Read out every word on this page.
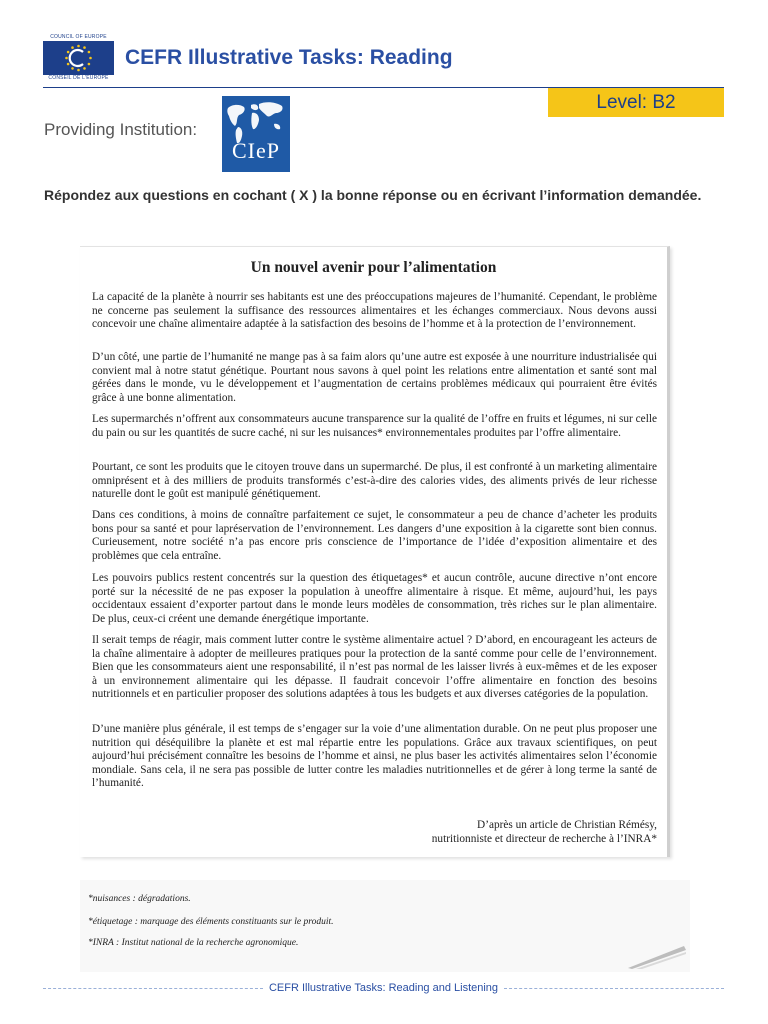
COUNCIL OF EUROPE
CONSEIL DE L'EUROPE
CEFR Illustrative Tasks: Reading
Level: B2
Providing Institution:
CIeP
Répondez aux questions en cochant ( X ) la bonne réponse ou en écrivant l’information demandée.
Un nouvel avenir pour l’alimentation
La capacité de la planète à nourrir ses habitants est une des préoccupations majeures de l’humanité. Cependant, le problème ne concerne pas seulement la suffisance des ressources alimentaires et les échanges commerciaux. Nous devons aussi concevoir une chaîne alimentaire adaptée à la satisfaction des besoins de l’homme et à la protection de l’environnement.
D’un côté, une partie de l’humanité ne mange pas à sa faim alors qu’une autre est exposée à une nourriture industrialisée qui convient mal à notre statut génétique. Pourtant nous savons à quel point les relations entre alimentation et santé sont mal gérées dans le monde, vu le développement et l’augmentation de certains problèmes médicaux qui pourraient être évités grâce à une bonne alimentation.
Les supermarchés n’offrent aux consommateurs aucune transparence sur la qualité de l’offre en fruits et légumes, ni sur celle du pain ou sur les quantités de sucre caché, ni sur les nuisances* environnementales produites par l’offre alimentaire.
Pourtant, ce sont les produits que le citoyen trouve dans un supermarché. De plus, il est confronté à un marketing alimentaire omniprésent et à des milliers de produits transformés c’est-à-dire des calories vides, des aliments privés de leur richesse naturelle dont le goût est manipulé génétiquement.
Dans ces conditions, à moins de connaître parfaitement ce sujet, le consommateur a peu de chance d’acheter les produits bons pour sa santé et pour lapréservation de l’environnement. Les dangers d’une exposition à la cigarette sont bien connus. Curieusement, notre société n’a pas encore pris conscience de l’importance de l’idée d’exposition alimentaire et des problèmes que cela entraîne.
Les pouvoirs publics restent concentrés sur la question des étiquetages* et aucun contrôle, aucune directive n’ont encore porté sur la nécessité de ne pas exposer la population à uneoffre alimentaire à risque. Et même, aujourd’hui, les pays occidentaux essaient d’exporter partout dans le monde leurs modèles de consommation, très riches sur le plan alimentaire. De plus, ceux-ci créent une demande énergétique importante.
Il serait temps de réagir, mais comment lutter contre le système alimentaire actuel ? D’abord, en encourageant les acteurs de la chaîne alimentaire à adopter de meilleures pratiques pour la protection de la santé comme pour celle de l’environnement. Bien que les consommateurs aient une responsabilité, il n’est pas normal de les laisser livrés à eux-mêmes et de les exposer à un environnement alimentaire qui les dépasse. Il faudrait concevoir l’offre alimentaire en fonction des besoins nutritionnels et en particulier proposer des solutions adaptées à tous les budgets et aux diverses catégories de la population.
D’une manière plus générale, il est temps de s’engager sur la voie d’une alimentation durable. On ne peut plus proposer une nutrition qui déséquilibre la planète et est mal répartie entre les populations. Grâce aux travaux scientifiques, on peut aujourd’hui précisément connaître les besoins de l’homme et ainsi, ne plus baser les activités alimentaires selon l’économie mondiale. Sans cela, il ne sera pas possible de lutter contre les maladies nutritionnelles et de gérer à long terme la santé de l’humanité.
D’après un article de Christian Rémésy,
nutritionniste et directeur de recherche à l’INRA*
*nuisances : dégradations.
*étiquetage : marquage des éléments constituants sur le produit.
*INRA : Institut national de la recherche agronomique.
CEFR Illustrative Tasks: Reading and Listening
